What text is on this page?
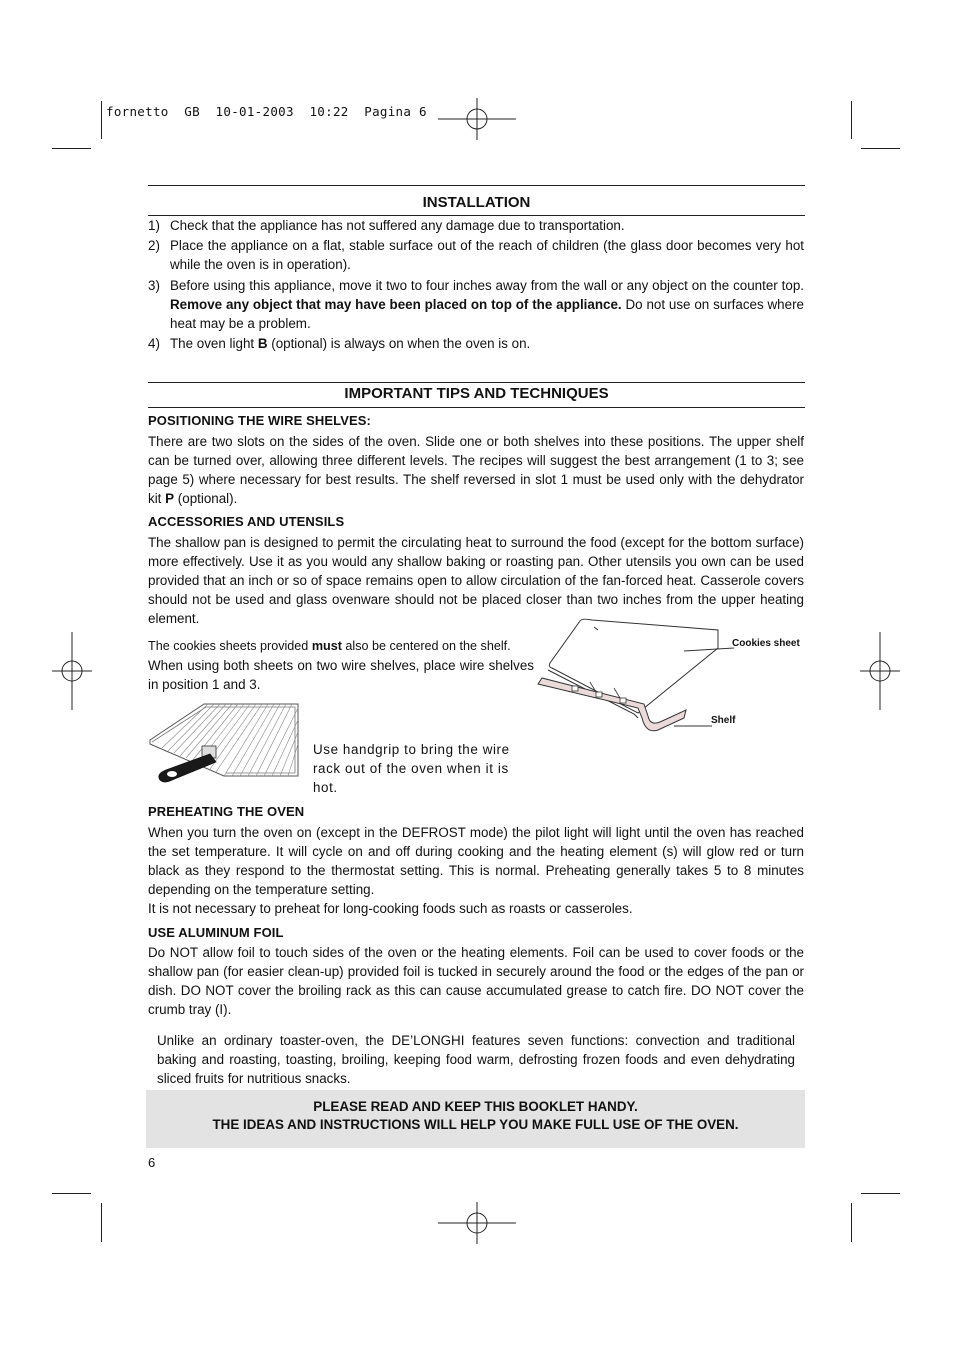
fornetto  GB  10-01-2003  10:22  Pagina 6
INSTALLATION
1) Check that the appliance has not suffered any damage due to transportation.
2) Place the appliance on a flat, stable surface out of the reach of children (the glass door becomes very hot while the oven is in operation).
3) Before using this appliance, move it two to four inches away from the wall or any object on the counter top. Remove any object that may have been placed on top of the appliance. Do not use on surfaces where heat may be a problem.
4) The oven light B (optional) is always on when the oven is on.
IMPORTANT TIPS AND TECHNIQUES
POSITIONING THE WIRE SHELVES:
There are two slots on the sides of the oven. Slide one or both shelves into these positions. The upper shelf can be turned over, allowing three different levels. The recipes will suggest the best arrangement (1 to 3; see page 5) where necessary for best results. The shelf reversed in slot 1 must be used only with the dehydrator kit P (optional).
ACCESSORIES AND UTENSILS
The shallow pan is designed to permit the circulating heat to surround the food (except for the bottom surface) more effectively. Use it as you would any shallow baking or roasting pan. Other utensils you own can be used provided that an inch or so of space remains open to allow circulation of the fan-forced heat. Casserole covers should not be used and glass ovenware should not be placed closer than two inches from the upper heating element.
The cookies sheets provided must also be centered on the shelf.
When using both sheets on two wire shelves, place wire shelves in position 1 and 3.
Cookies sheet
Shelf
Use handgrip to bring the wire rack out of the oven when it is hot.
PREHEATING THE OVEN
When you turn the oven on (except in the DEFROST mode) the pilot light will light until the oven has reached the set temperature. It will cycle on and off during cooking and the heating element (s) will glow red or turn black as they respond to the thermostat setting. This is normal. Preheating generally takes 5 to 8 minutes depending on the temperature setting.
It is not necessary to preheat for long-cooking foods such as roasts or casseroles.
USE ALUMINUM FOIL
Do NOT allow foil to touch sides of the oven or the heating elements. Foil can be used to cover foods or the shallow pan (for easier clean-up) provided foil is tucked in securely around the food or the edges of the pan or dish. DO NOT cover the broiling rack as this can cause accumulated grease to catch fire. DO NOT cover the crumb tray (I).
Unlike an ordinary toaster-oven, the DE’LONGHI features seven functions: convection and traditional baking and roasting, toasting, broiling, keeping food warm, defrosting frozen foods and even dehydrating sliced fruits for nutritious snacks.
PLEASE READ AND KEEP THIS BOOKLET HANDY.
THE IDEAS AND INSTRUCTIONS WILL HELP YOU MAKE FULL USE OF THE OVEN.
6
